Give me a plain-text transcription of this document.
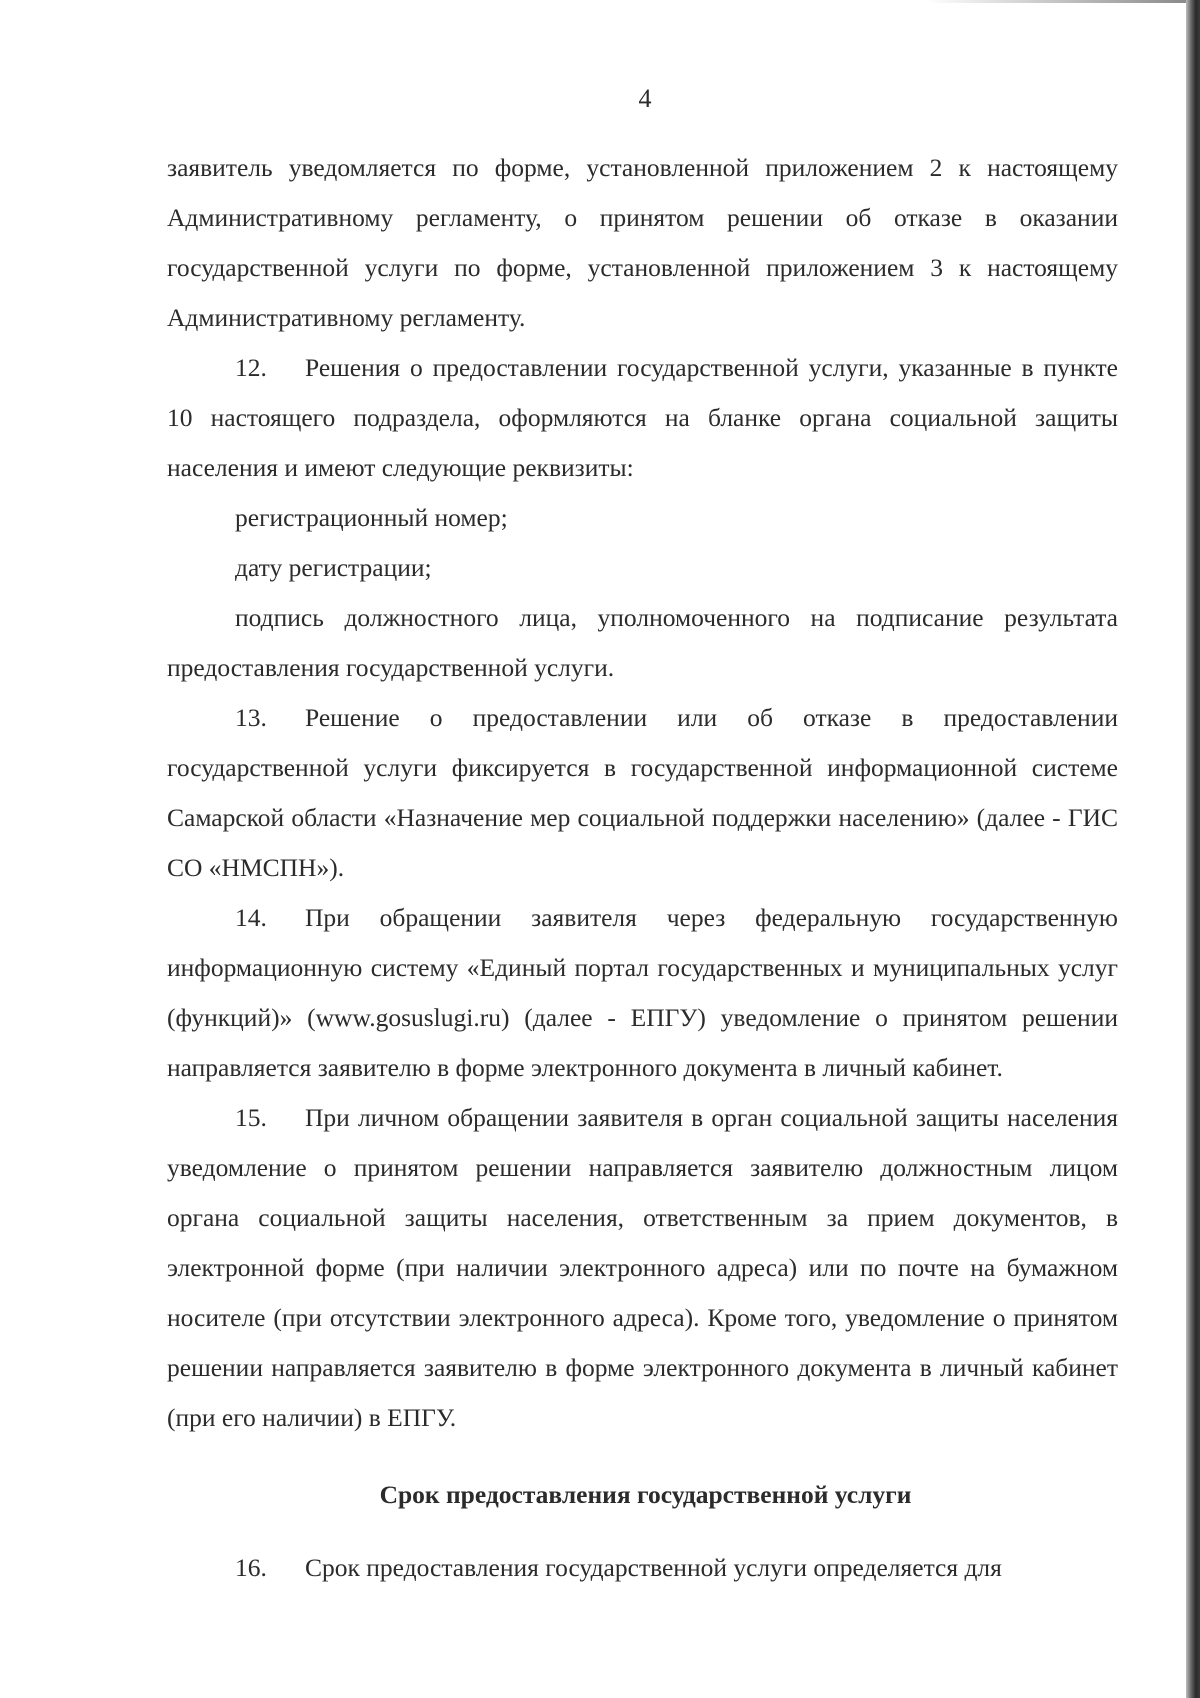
4

заявитель уведомляется по форме, установленной приложением 2 к настоящему Административному регламенту, о принятом решении об отказе в оказании государственной услуги по форме, установленной приложением 3 к настоящему Административному регламенту.

12. Решения о предоставлении государственной услуги, указанные в пункте 10 настоящего подраздела, оформляются на бланке органа социальной защиты населения и имеют следующие реквизиты:

регистрационный номер;

дату регистрации;

подпись должностного лица, уполномоченного на подписание результата предоставления государственной услуги.

13. Решение о предоставлении или об отказе в предоставлении государственной услуги фиксируется в государственной информационной системе Самарской области «Назначение мер социальной поддержки населению» (далее - ГИС СО «НМСПН»).

14. При обращении заявителя через федеральную государственную информационную систему «Единый портал государственных и муниципальных услуг (функций)» (www.gosuslugi.ru) (далее - ЕПГУ) уведомление о принятом решении направляется заявителю в форме электронного документа в личный кабинет.

15. При личном обращении заявителя в орган социальной защиты населения уведомление о принятом решении направляется заявителю должностным лицом органа социальной защиты населения, ответственным за прием документов, в электронной форме (при наличии электронного адреса) или по почте на бумажном носителе (при отсутствии электронного адреса). Кроме того, уведомление о принятом решении направляется заявителю в форме электронного документа в личный кабинет (при его наличии) в ЕПГУ.

Срок предоставления государственной услуги

16. Срок предоставления государственной услуги определяется для
